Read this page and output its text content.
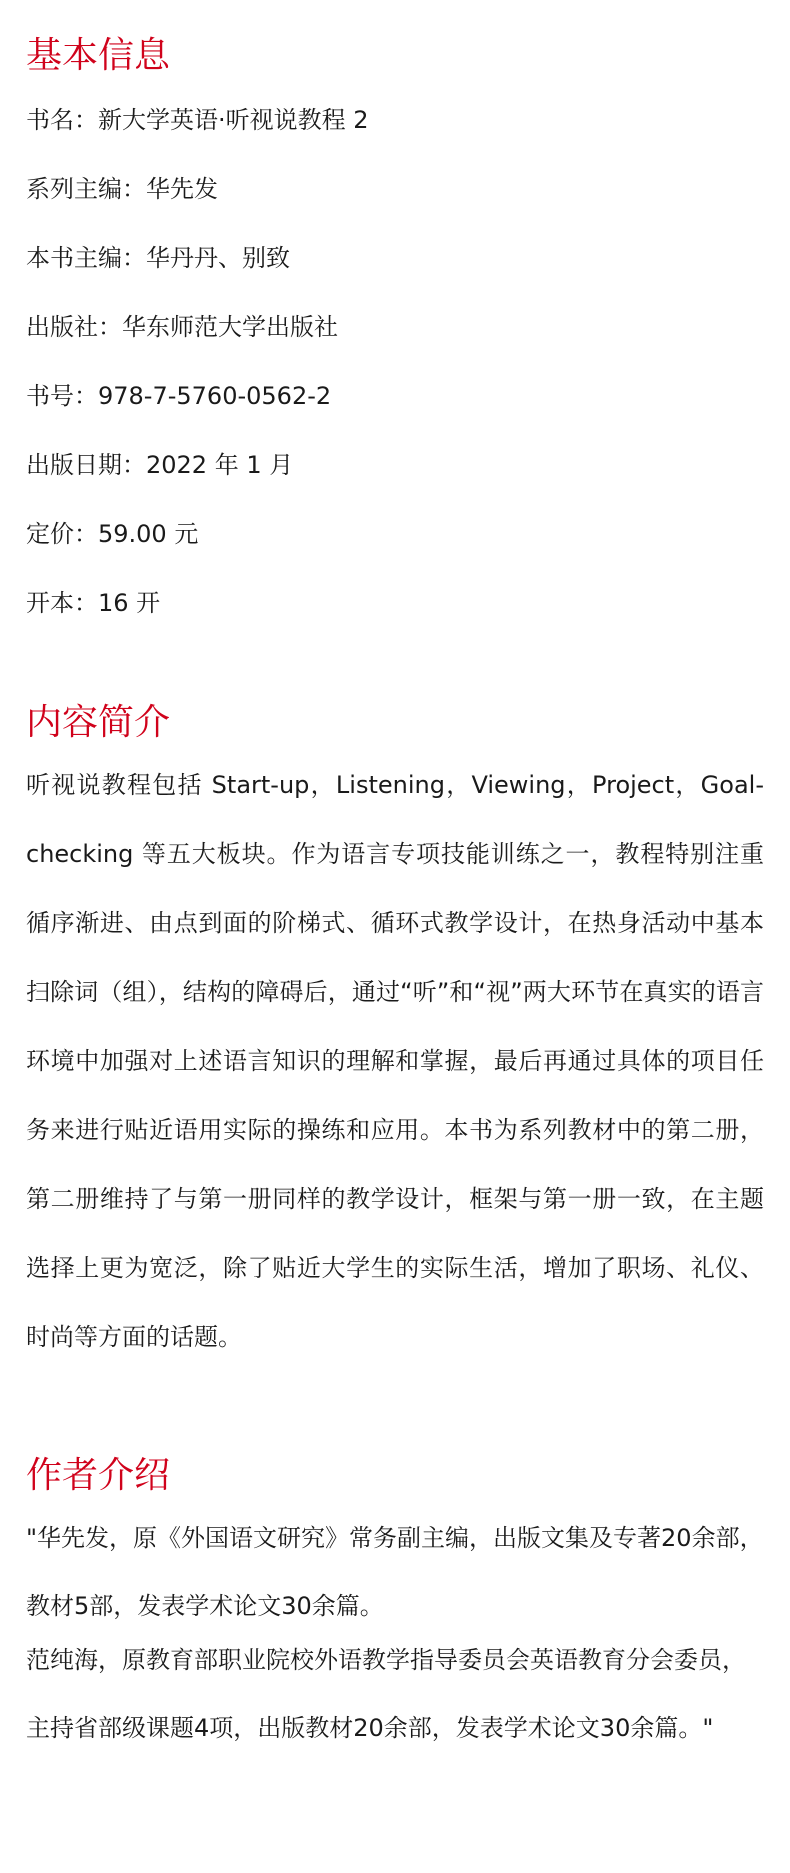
基本信息

书名：新大学英语·听视说教程 2

系列主编：华先发

本书主编：华丹丹、别致

出版社：华东师范大学出版社

书号：978-7-5760-0562-2

出版日期：2022 年 1 月

定价：59.00 元

开本：16 开

内容简介

听视说教程包括 Start-up，Listening，Viewing，Project，Goal-checking 等五大板块。作为语言专项技能训练之一，教程特别注重循序渐进、由点到面的阶梯式、循环式教学设计，在热身活动中基本扫除词（组），结构的障碍后，通过“听”和“视”两大环节在真实的语言环境中加强对上述语言知识的理解和掌握，最后再通过具体的项目任务来进行贴近语用实际的操练和应用。本书为系列教材中的第二册，第二册维持了与第一册同样的教学设计，框架与第一册一致，在主题选择上更为宽泛，除了贴近大学生的实际生活，增加了职场、礼仪、时尚等方面的话题。

作者介绍

"华先发，原《外国语文研究》常务副主编，出版文集及专著20余部，教材5部，发表学术论文30余篇。

范纯海，原教育部职业院校外语教学指导委员会英语教育分会委员，主持省部级课题4项，出版教材20余部，发表学术论文30余篇。"
